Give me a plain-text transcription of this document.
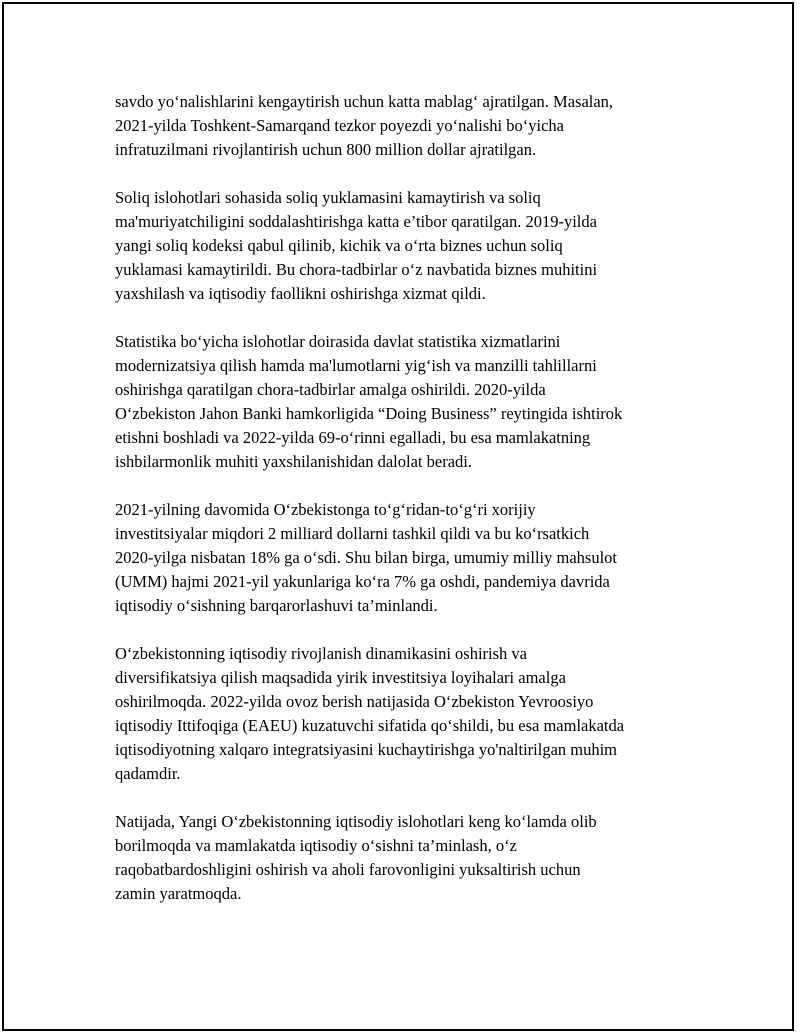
savdo yo‘nalishlarini kengaytirish uchun katta mablag‘ ajratilgan. Masalan,
2021-yilda Toshkent-Samarqand tezkor poyezdi yo‘nalishi bo‘yicha
infratuzilmani rivojlantirish uchun 800 million dollar ajratilgan.

Soliq islohotlari sohasida soliq yuklamasini kamaytirish va soliq
ma'muriyatchiligini soddalashtirishga katta e’tibor qaratilgan. 2019-yilda
yangi soliq kodeksi qabul qilinib, kichik va o‘rta biznes uchun soliq
yuklamasi kamaytirildi. Bu chora-tadbirlar o‘z navbatida biznes muhitini
yaxshilash va iqtisodiy faollikni oshirishga xizmat qildi.

Statistika bo‘yicha islohotlar doirasida davlat statistika xizmatlarini
modernizatsiya qilish hamda ma'lumotlarni yig‘ish va manzilli tahlillarni
oshirishga qaratilgan chora-tadbirlar amalga oshirildi. 2020-yilda
O‘zbekiston Jahon Banki hamkorligida “Doing Business” reytingida ishtirok
etishni boshladi va 2022-yilda 69-o‘rinni egalladi, bu esa mamlakatning
ishbilarmonlik muhiti yaxshilanishidan dalolat beradi.

2021-yilning davomida O‘zbekistonga to‘g‘ridan-to‘g‘ri xorijiy
investitsiyalar miqdori 2 milliard dollarni tashkil qildi va bu ko‘rsatkich
2020-yilga nisbatan 18% ga o‘sdi. Shu bilan birga, umumiy milliy mahsulot
(UMM) hajmi 2021-yil yakunlariga ko‘ra 7% ga oshdi, pandemiya davrida
iqtisodiy o‘sishning barqarorlashuvi ta’minlandi.

O‘zbekistonning iqtisodiy rivojlanish dinamikasini oshirish va
diversifikatsiya qilish maqsadida yirik investitsiya loyihalari amalga
oshirilmoqda. 2022-yilda ovoz berish natijasida O‘zbekiston Yevroosiyo
iqtisodiy Ittifoqiga (EAEU) kuzatuvchi sifatida qo‘shildi, bu esa mamlakatda
iqtisodiyotning xalqaro integratsiyasini kuchaytirishga yo'naltirilgan muhim
qadamdir.

Natijada, Yangi O‘zbekistonning iqtisodiy islohotlari keng ko‘lamda olib
borilmoqda va mamlakatda iqtisodiy o‘sishni ta’minlash, o‘z
raqobatbardoshligini oshirish va aholi farovonligini yuksaltirish uchun
zamin yaratmoqda.
